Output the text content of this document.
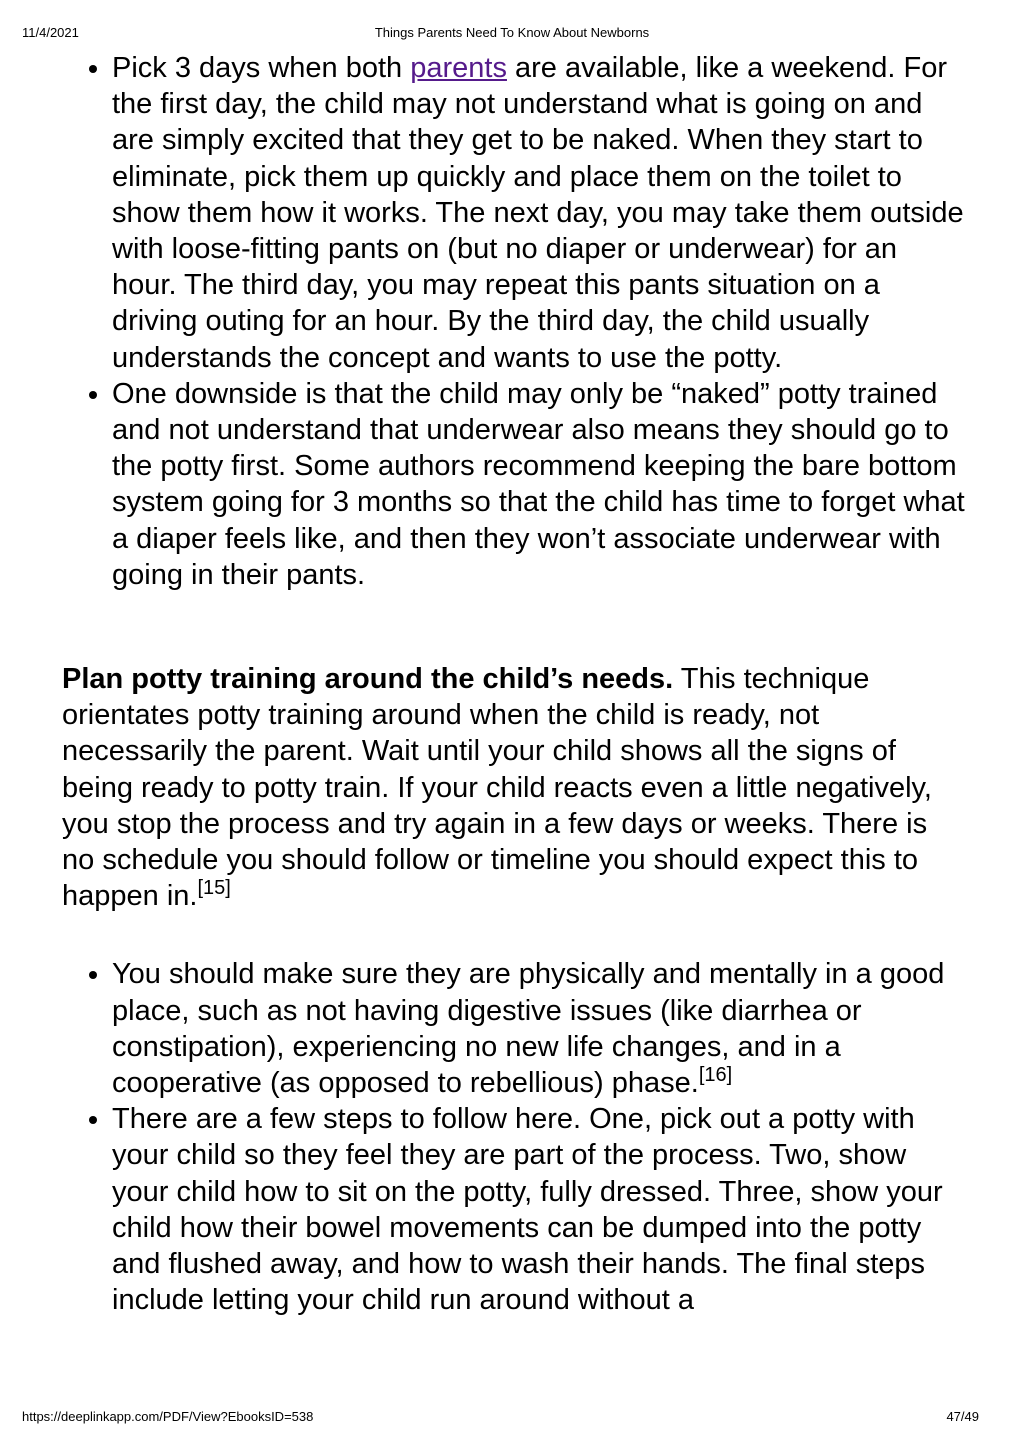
11/4/2021	Things Parents Need To Know About Newborns
• Pick 3 days when both parents are available, like a weekend. For the first day, the child may not understand what is going on and are simply excited that they get to be naked. When they start to eliminate, pick them up quickly and place them on the toilet to show them how it works. The next day, you may take them outside with loose-fitting pants on (but no diaper or underwear) for an hour. The third day, you may repeat this pants situation on a driving outing for an hour. By the third day, the child usually understands the concept and wants to use the potty.
• One downside is that the child may only be “naked” potty trained and not understand that underwear also means they should go to the potty first. Some authors recommend keeping the bare bottom system going for 3 months so that the child has time to forget what a diaper feels like, and then they won’t associate underwear with going in their pants.

Plan potty training around the child’s needs. This technique orientates potty training around when the child is ready, not necessarily the parent. Wait until your child shows all the signs of being ready to potty train. If your child reacts even a little negatively, you stop the process and try again in a few days or weeks. There is no schedule you should follow or timeline you should expect this to happen in.[15]

• You should make sure they are physically and mentally in a good place, such as not having digestive issues (like diarrhea or constipation), experiencing no new life changes, and in a cooperative (as opposed to rebellious) phase.[16]
• There are a few steps to follow here. One, pick out a potty with your child so they feel they are part of the process. Two, show your child how to sit on the potty, fully dressed. Three, show your child how their bowel movements can be dumped into the potty and flushed away, and how to wash their hands. The final steps include letting your child run around without a
https://deeplinkapp.com/PDF/View?EbooksID=538	47/49
